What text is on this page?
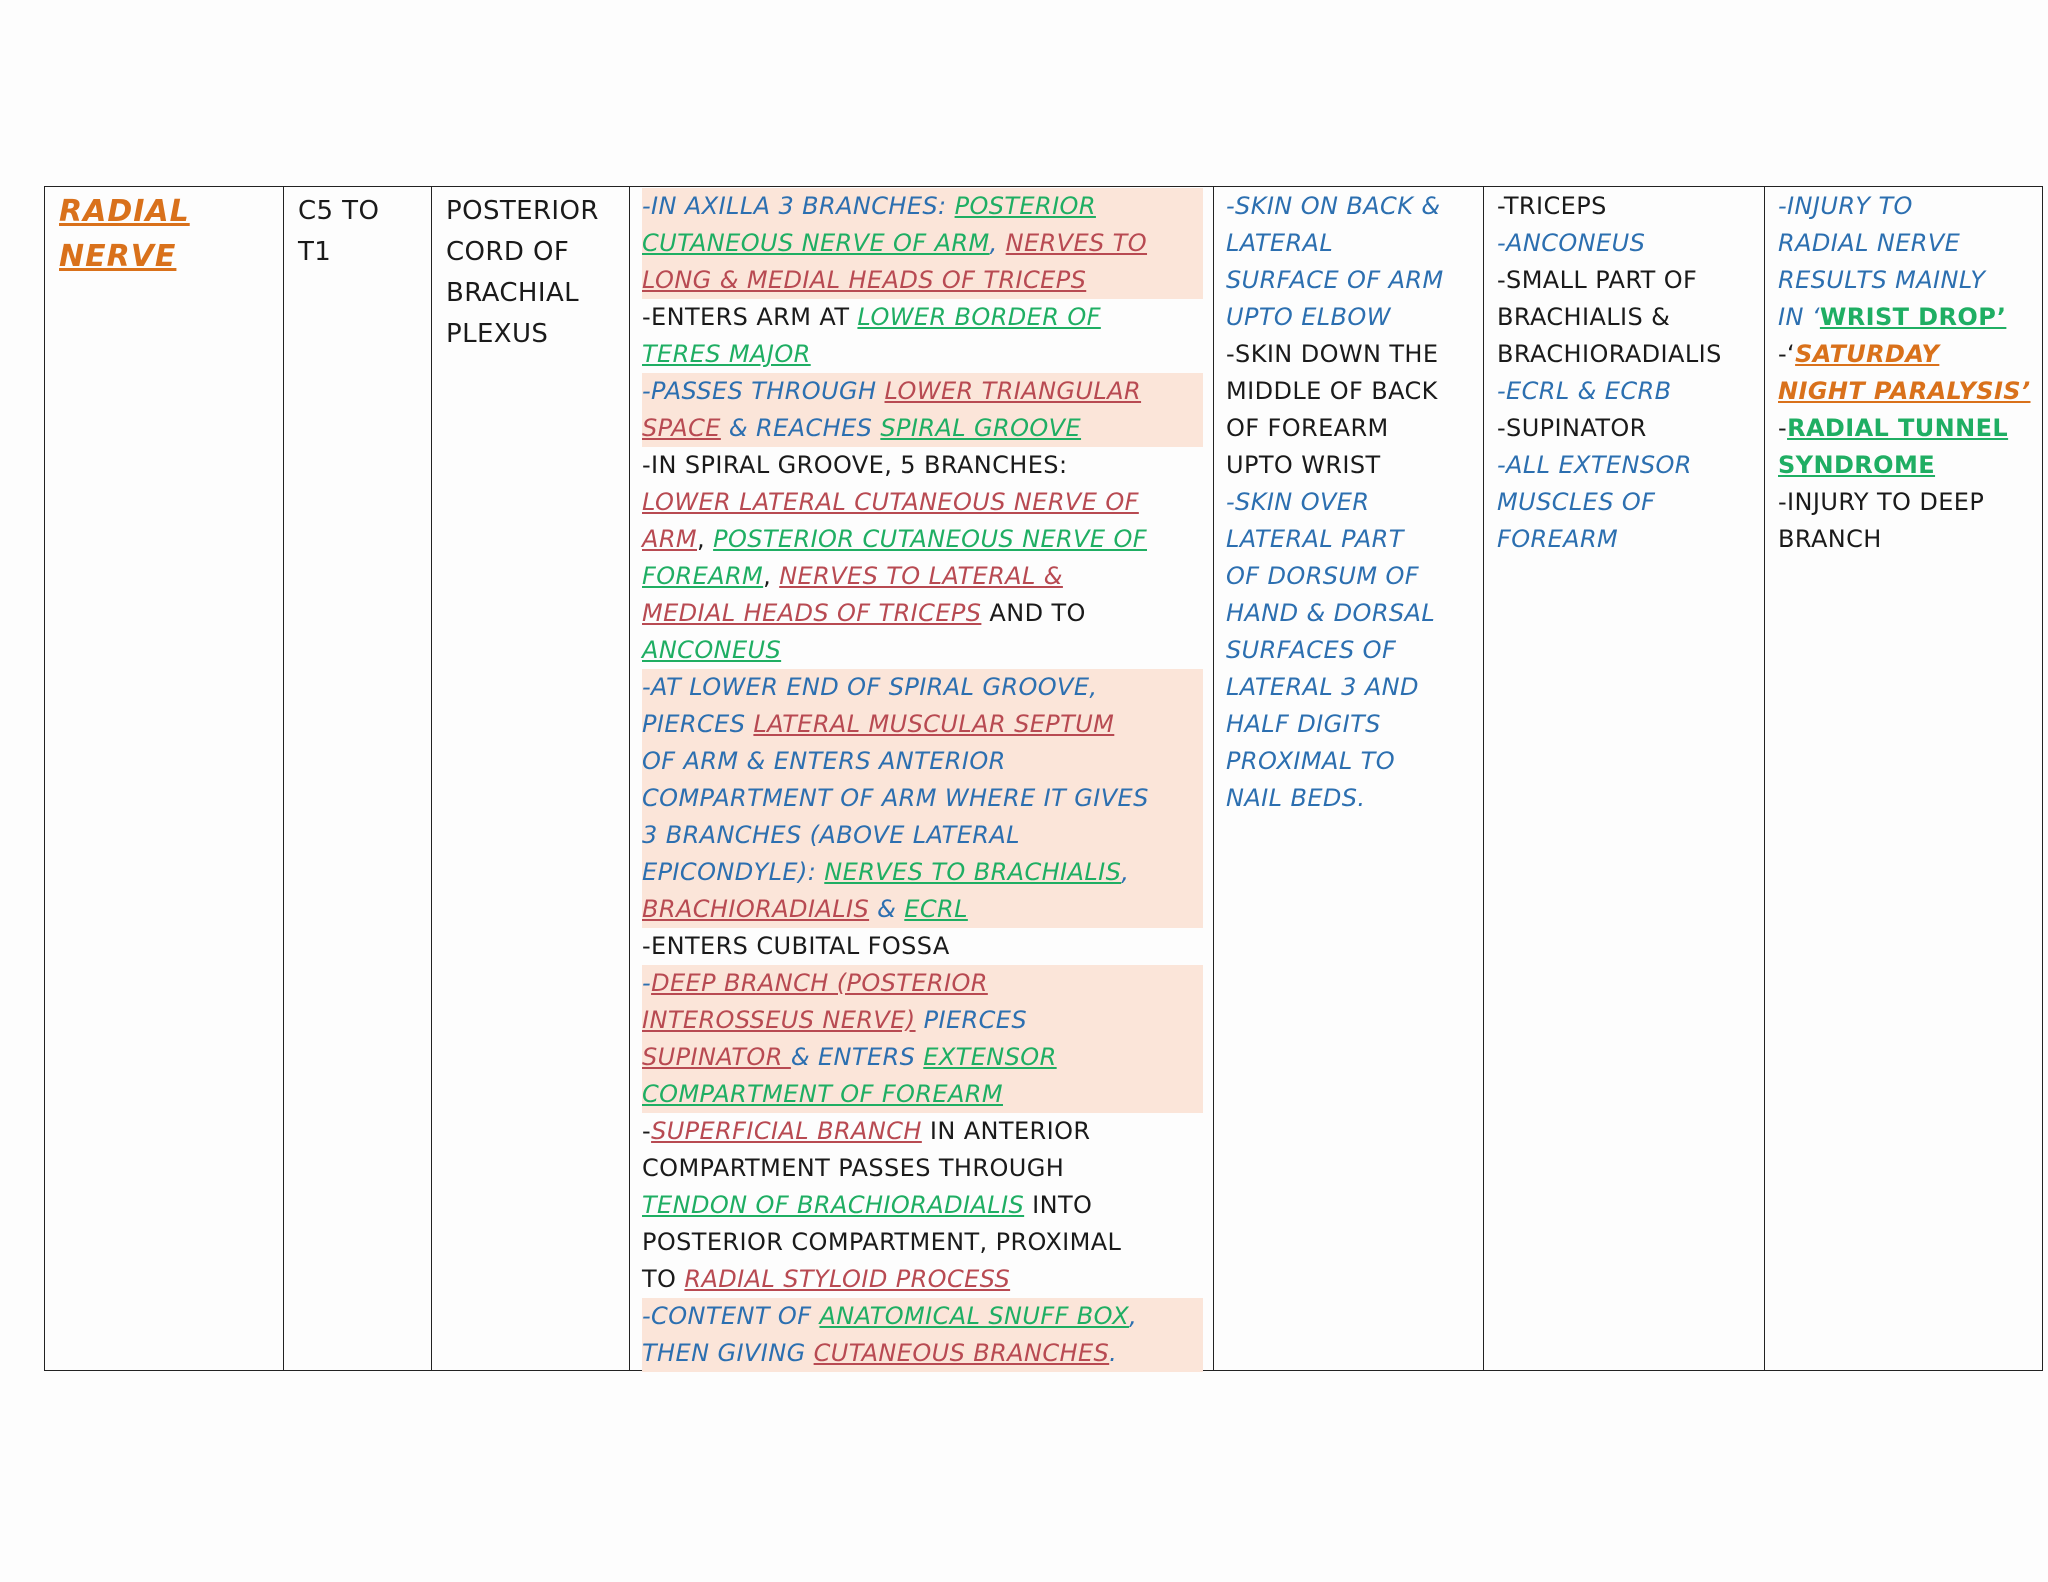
RADIAL
NERVE
C5 TO
T1
POSTERIOR
CORD OF
BRACHIAL
PLEXUS
-IN AXILLA 3 BRANCHES: POSTERIOR
CUTANEOUS NERVE OF ARM, NERVES TO
LONG & MEDIAL HEADS OF TRICEPS
-ENTERS ARM AT LOWER BORDER OF
TERES MAJOR
-PASSES THROUGH LOWER TRIANGULAR
SPACE & REACHES SPIRAL GROOVE
-IN SPIRAL GROOVE, 5 BRANCHES:
LOWER LATERAL CUTANEOUS NERVE OF
ARM, POSTERIOR CUTANEOUS NERVE OF
FOREARM, NERVES TO LATERAL &
MEDIAL HEADS OF TRICEPS AND TO
ANCONEUS
-AT LOWER END OF SPIRAL GROOVE,
PIERCES LATERAL MUSCULAR SEPTUM
OF ARM & ENTERS ANTERIOR
COMPARTMENT OF ARM WHERE IT GIVES
3 BRANCHES (ABOVE LATERAL
EPICONDYLE): NERVES TO BRACHIALIS,
BRACHIORADIALIS & ECRL
-ENTERS CUBITAL FOSSA
-DEEP BRANCH (POSTERIOR
INTEROSSEUS NERVE) PIERCES
SUPINATOR & ENTERS EXTENSOR
COMPARTMENT OF FOREARM
-SUPERFICIAL BRANCH IN ANTERIOR
COMPARTMENT PASSES THROUGH
TENDON OF BRACHIORADIALIS INTO
POSTERIOR COMPARTMENT, PROXIMAL
TO RADIAL STYLOID PROCESS
-CONTENT OF ANATOMICAL SNUFF BOX,
THEN GIVING CUTANEOUS BRANCHES.
-SKIN ON BACK &
LATERAL
SURFACE OF ARM
UPTO ELBOW
-SKIN DOWN THE
MIDDLE OF BACK
OF FOREARM
UPTO WRIST
-SKIN OVER
LATERAL PART
OF DORSUM OF
HAND & DORSAL
SURFACES OF
LATERAL 3 AND
HALF DIGITS
PROXIMAL TO
NAIL BEDS.
-TRICEPS
-ANCONEUS
-SMALL PART OF
BRACHIALIS &
BRACHIORADIALIS
-ECRL & ECRB
-SUPINATOR
-ALL EXTENSOR
MUSCLES OF
FOREARM
-INJURY TO
RADIAL NERVE
RESULTS MAINLY
IN ‘WRIST DROP’
-‘SATURDAY
NIGHT PARALYSIS’
-RADIAL TUNNEL
SYNDROME
-INJURY TO DEEP
BRANCH
